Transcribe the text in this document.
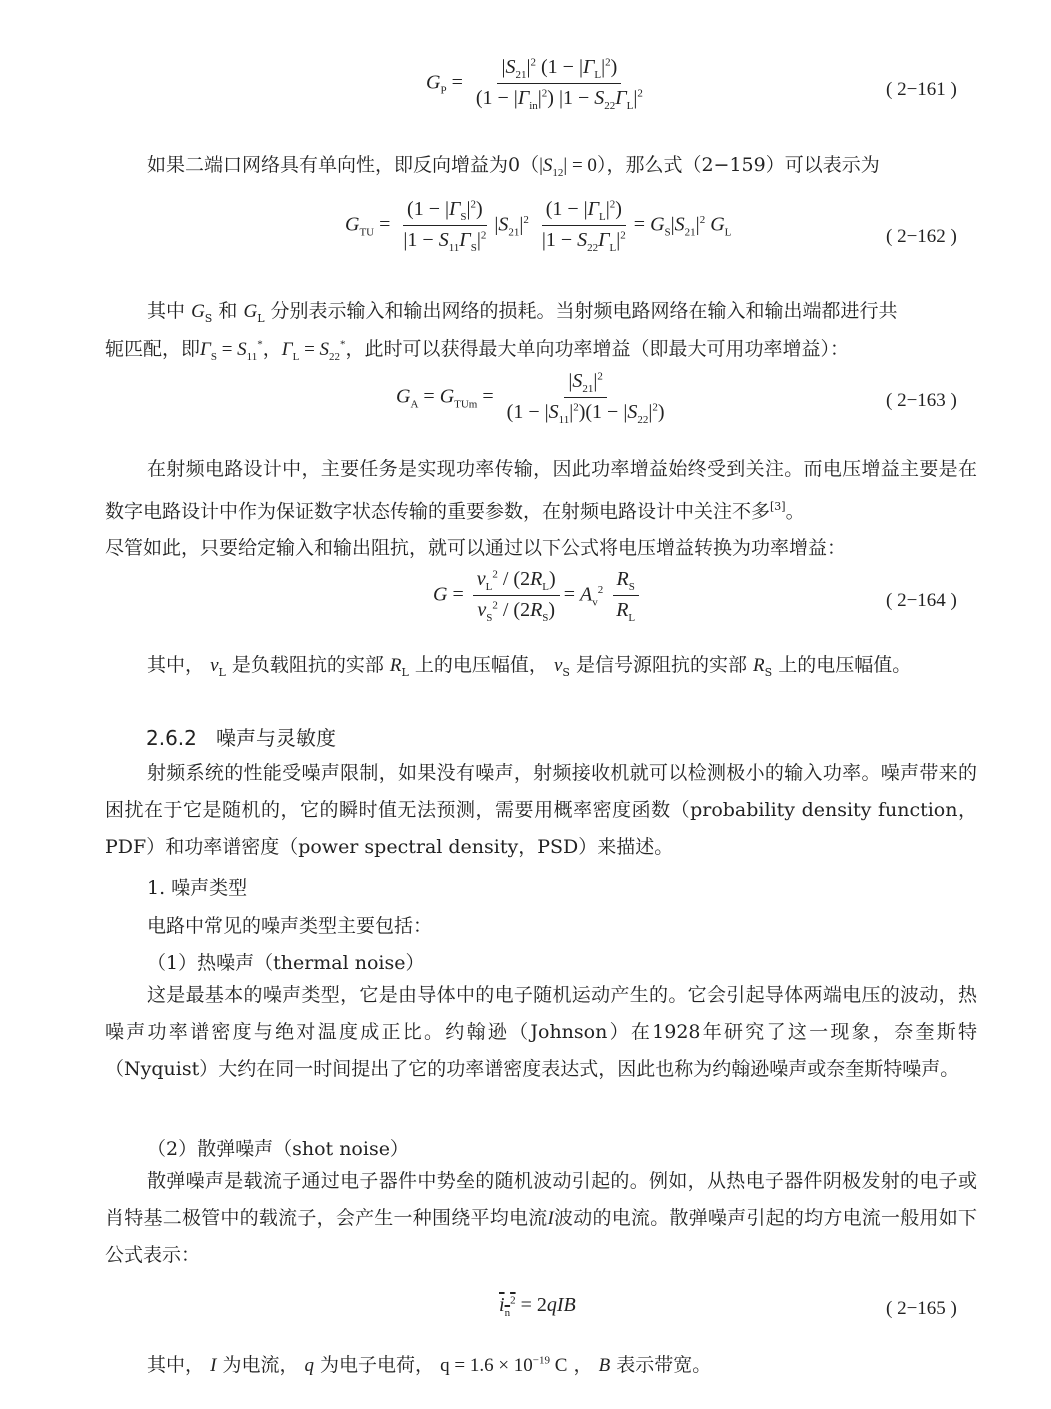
$G_P = \frac{|S_{21}|^2 (1 - |\Gamma_L|^2)}{(1 - |\Gamma_{in}|^2) |1 - S_{22}\Gamma_L|^2}$	( 2−161 )
如果二端口网络具有单向性，即反向增益为$0(|S_{12}| = 0)$，那么式（2−159）可以表示为
$G_{TU} = \frac{(1 - |\Gamma_S|^2)}{|1 - S_{11}\Gamma_S|^2} |S_{21}|^2 \frac{(1 - |\Gamma_L|^2)}{|1 - S_{22}\Gamma_L|^2} = G_S|S_{21}|^2$ $G_L$	( 2−162 )
其中 $G_S$ 和 $G_L$ 分别表示输入和输出网络的损耗。当射频电路网络在输入和输出端都进行共
轭匹配，即$\Gamma_S = S_{11}^*$，$\Gamma_L = S_{22}^*$，此时可以获得最大单向功率增益（即最大可用功率增益）：
$G_A = G_{TUm} = \frac{|S_{21}|^2}{(1 - |S_{11}|^2)(1 - |S_{22}|^2)}$	( 2−163 )
在射频电路设计中，主要任务是实现功率传输，因此功率增益始终受到关注。而电压增益主要是在数字电路设计中作为保证数字状态传输的重要参数，在射频电路设计中关注不多[3]。
尽管如此，只要给定输入和输出阻抗，就可以通过以下公式将电压增益转换为功率增益：
$G = \frac{v_L^2 / (2R_L)}{v_S^2 / (2R_S)} = A_v^2 \frac{R_S}{R_L}$	( 2−164 )
其中， $v_L$ 是负载阻抗的实部 $R_L$ 上的电压幅值， $v_S$ 是信号源阻抗的实部 $R_S$ 上的电压幅值。
2.6.2 噪声与灵敏度
射频系统的性能受噪声限制，如果没有噪声，射频接收机就可以检测极小的输入功率。噪声带来的困扰在于它是随机的，它的瞬时值无法预测，需要用概率密度函数（probability density function，PDF）和功率谱密度（power spectral density，PSD）来描述。
1. 噪声类型
电路中常见的噪声类型主要包括：
（1）热噪声（thermal noise）
这是最基本的噪声类型，它是由导体中的电子随机运动产生的。它会引起导体两端电压的波动，热噪声功率谱密度与绝对温度成正比。约翰逊（Johnson）在1928年研究了这一现象，奈奎斯特（Nyquist）大约在同一时间提出了它的功率谱密度表达式，因此也称为约翰逊噪声或奈奎斯特噪声。
（2）散弹噪声（shot noise）
散弹噪声是载流子通过电子器件中势垒的随机波动引起的。例如，从热电子器件阴极发射的电子或肖特基二极管中的载流子，会产生一种围绕平均电流I波动的电流。散弹噪声引起的均方电流一般用如下公式表示：
$i_n^2 = 2qIB$	( 2−165 )
其中， I 为电流， q 为电子电荷， $q = 1.6 \times 10^{-19}$ C ， B 表示带宽。
